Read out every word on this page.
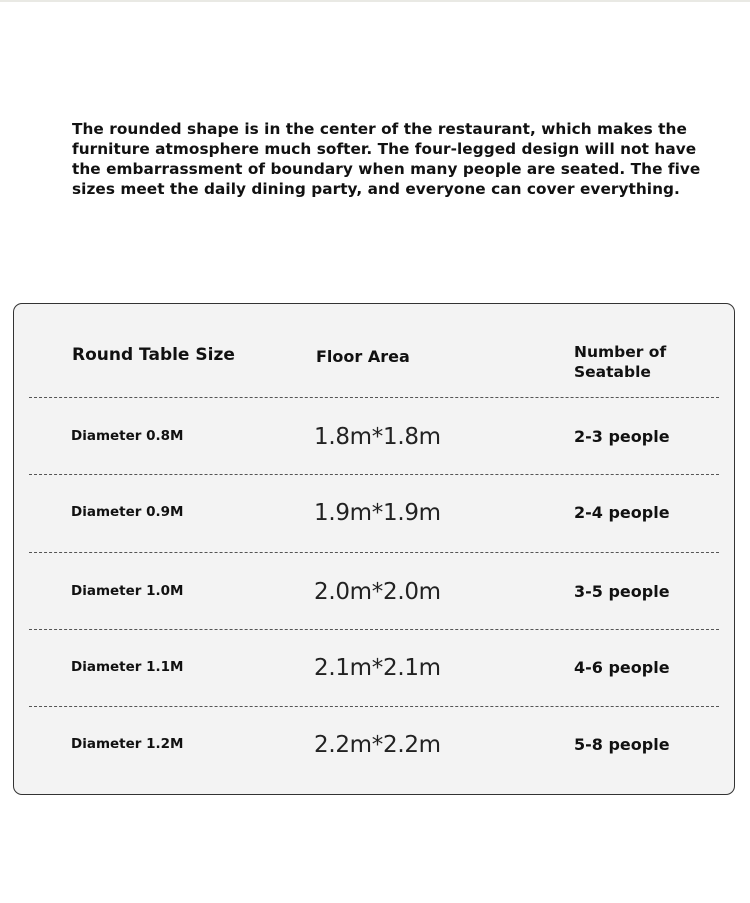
The rounded shape is in the center of the restaurant, which makes the
furniture atmosphere much softer. The four-legged design will not have
the embarrassment of boundary when many people are seated. The five
sizes meet the daily dining party, and everyone can cover everything.
Round Table Size	Floor Area	Number of
Seatable
Diameter 0.8M	1.8m*1.8m	2-3 people
Diameter 0.9M	1.9m*1.9m	2-4 people
Diameter 1.0M	2.0m*2.0m	3-5 people
Diameter 1.1M	2.1m*2.1m	4-6 people
Diameter 1.2M	2.2m*2.2m	5-8 people
